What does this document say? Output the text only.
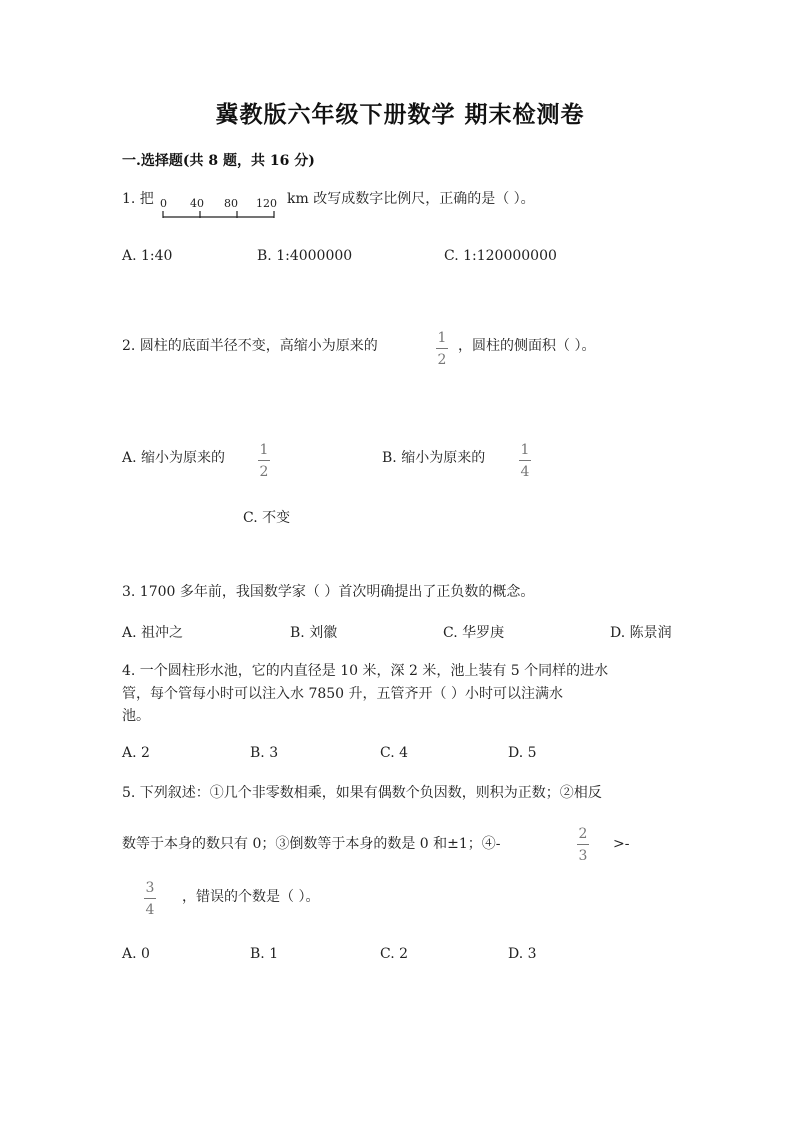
冀教版六年级下册数学 期末检测卷
一.选择题(共 8 题，共 16 分)
1. 把 0 40 80 120 km 改写成数字比例尺，正确的是（ ）。
A. 1:40	B. 1:4000000	C. 1:120000000
2. 圆柱的底面半径不变，高缩小为原来的	1
2
，圆柱的侧面积（ ）。
A. 缩小为原来的 1
2
B. 缩小为原来的	1
4
C. 不变
3. 1700 多年前，我国数学家（ ）首次明确提出了正负数的概念。
A. 祖冲之	B. 刘徽	C. 华罗庚	D. 陈景润
4. 一个圆柱形水池，它的内直径是 10 米，深 2 米，池上装有 5 个同样的进水
管，每个管每小时可以注入水 7850 升，五管齐开（ ）小时可以注满水
池。
A. 2	B. 3	C. 4	D. 5
5. 下列叙述：①几个非零数相乘，如果有偶数个负因数，则积为正数；②相反
数等于本身的数只有 0；③倒数等于本身的数是 0 和±1；④-
2
3
>-
3
4
，错误的个数是（ ）。
A. 0	B. 1	C. 2	D. 3
